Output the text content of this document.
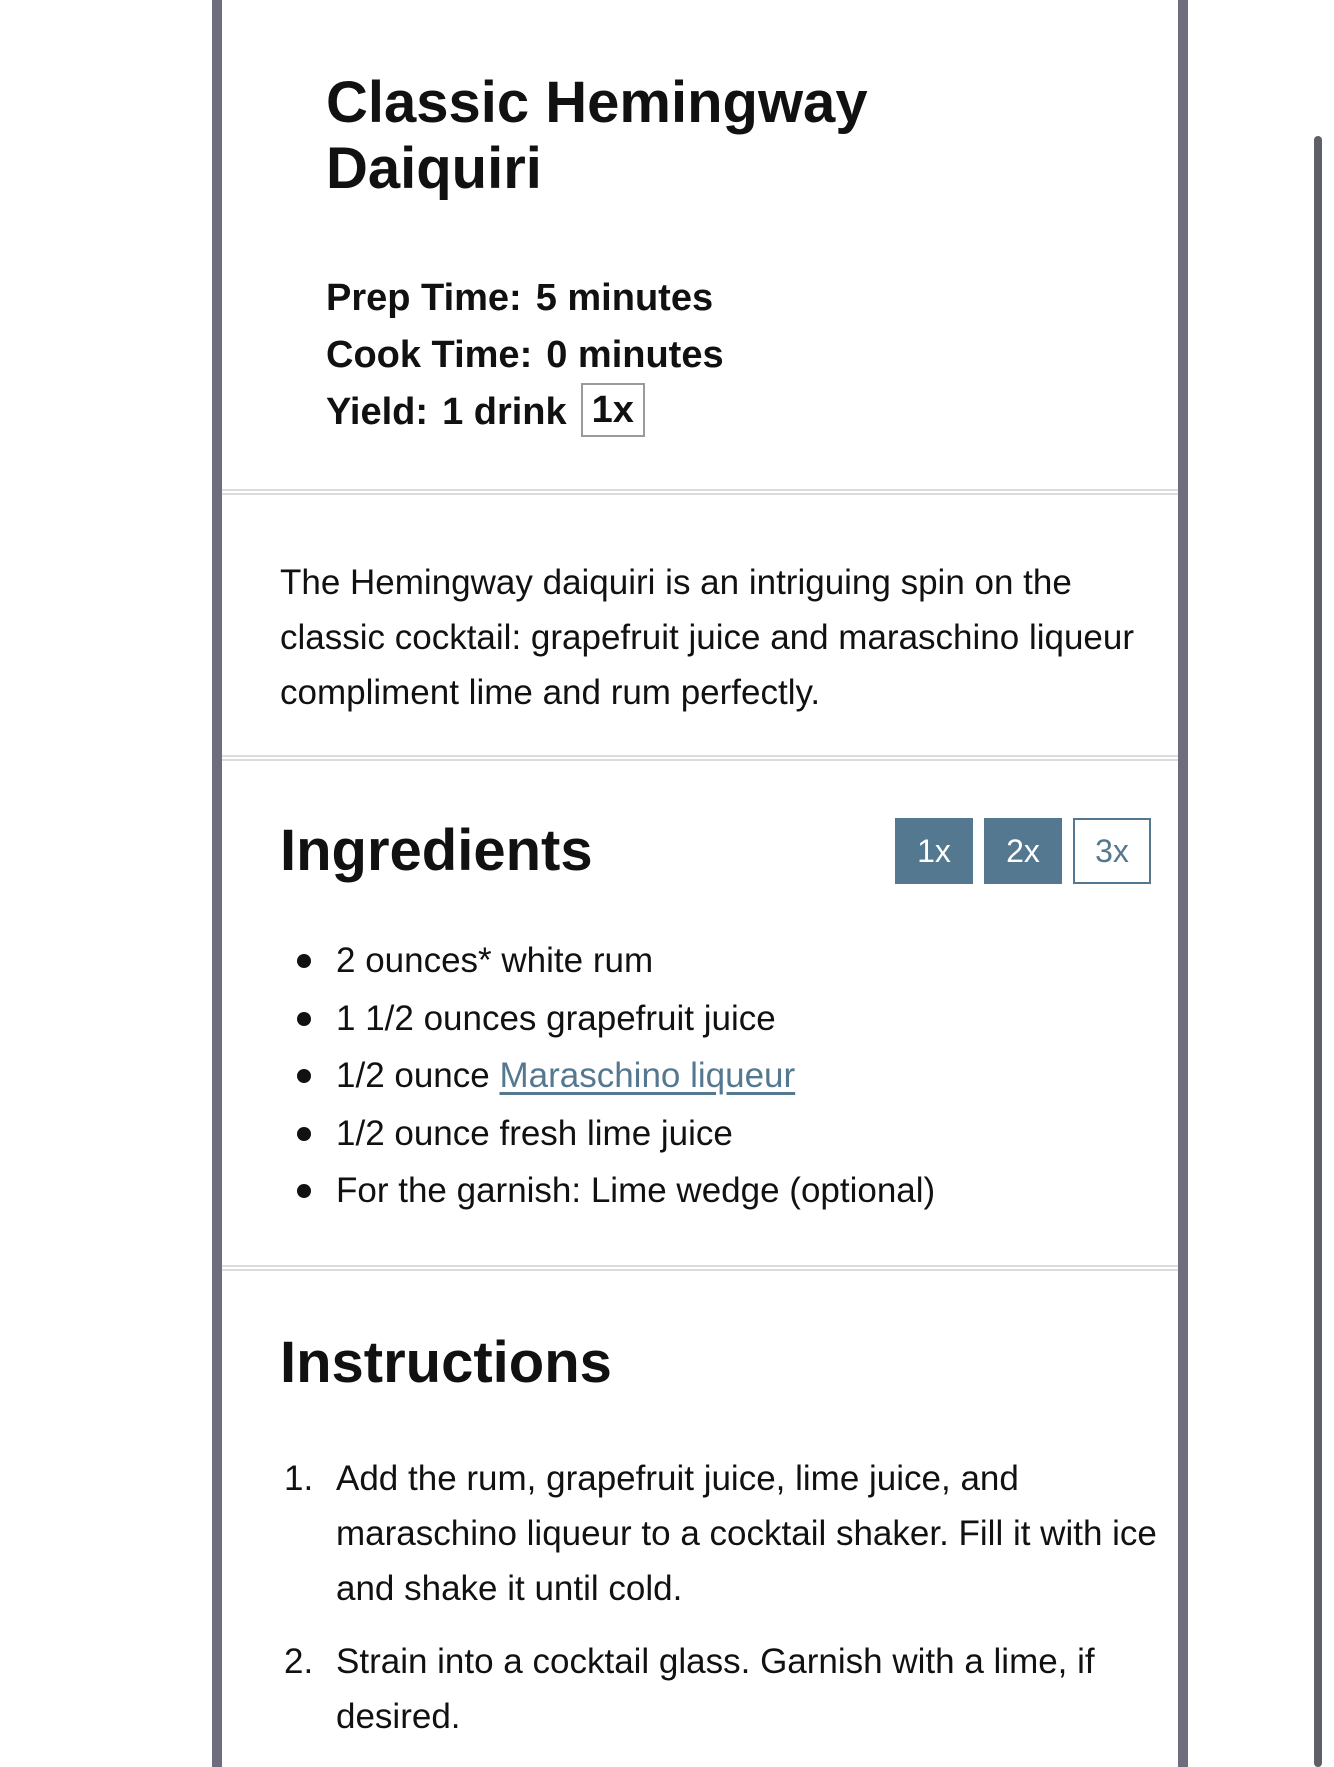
Classic Hemingway Daiquiri
Prep Time: 5 minutes
Cook Time: 0 minutes
Yield: 1 drink 1x

The Hemingway daiquiri is an intriguing spin on the classic cocktail: grapefruit juice and maraschino liqueur compliment lime and rum perfectly.

Ingredients	1x	2x	3x
2 ounces* white rum
1 1/2 ounces grapefruit juice
1/2 ounce Maraschino liqueur
1/2 ounce fresh lime juice
For the garnish: Lime wedge (optional)
Instructions
1. Add the rum, grapefruit juice, lime juice, and maraschino liqueur to a cocktail shaker. Fill it with ice and shake it until cold.
2. Strain into a cocktail glass. Garnish with a lime, if desired.
